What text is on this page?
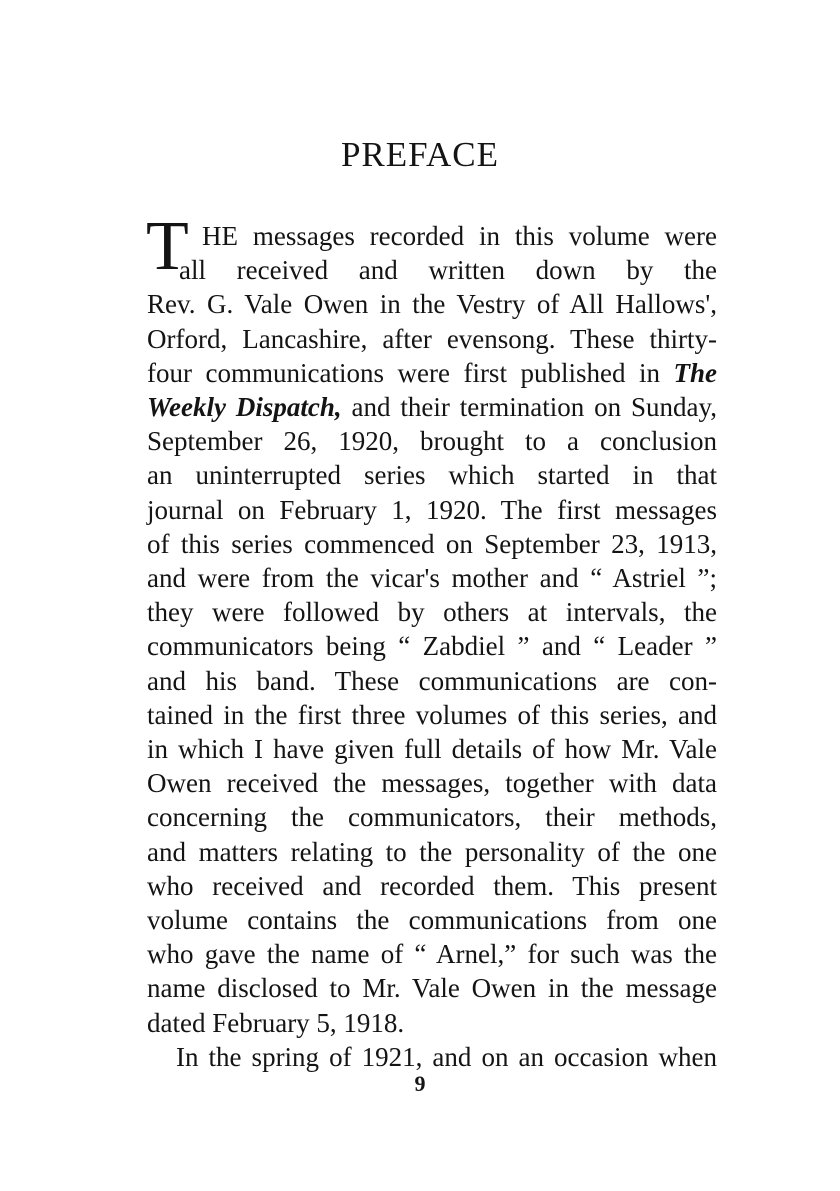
PREFACE
T HE messages recorded in this volume were
all received and written down by the
Rev. G. Vale Owen in the Vestry of All Hallows',
Orford, Lancashire, after evensong. These thirty-
four communications were first published in The
Weekly Dispatch, and their termination on Sunday,
September 26, 1920, brought to a conclusion
an uninterrupted series which started in that
journal on February 1, 1920. The first messages
of this series commenced on September 23, 1913,
and were from the vicar's mother and “ Astriel ”;
they were followed by others at intervals, the
communicators being “ Zabdiel ” and “ Leader ”
and his band. These communications are con-
tained in the first three volumes of this series, and
in which I have given full details of how Mr. Vale
Owen received the messages, together with data
concerning the communicators, their methods,
and matters relating to the personality of the one
who received and recorded them. This present
volume contains the communications from one
who gave the name of “ Arnel,” for such was the
name disclosed to Mr. Vale Owen in the message
dated February 5, 1918.
In the spring of 1921, and on an occasion when
9
